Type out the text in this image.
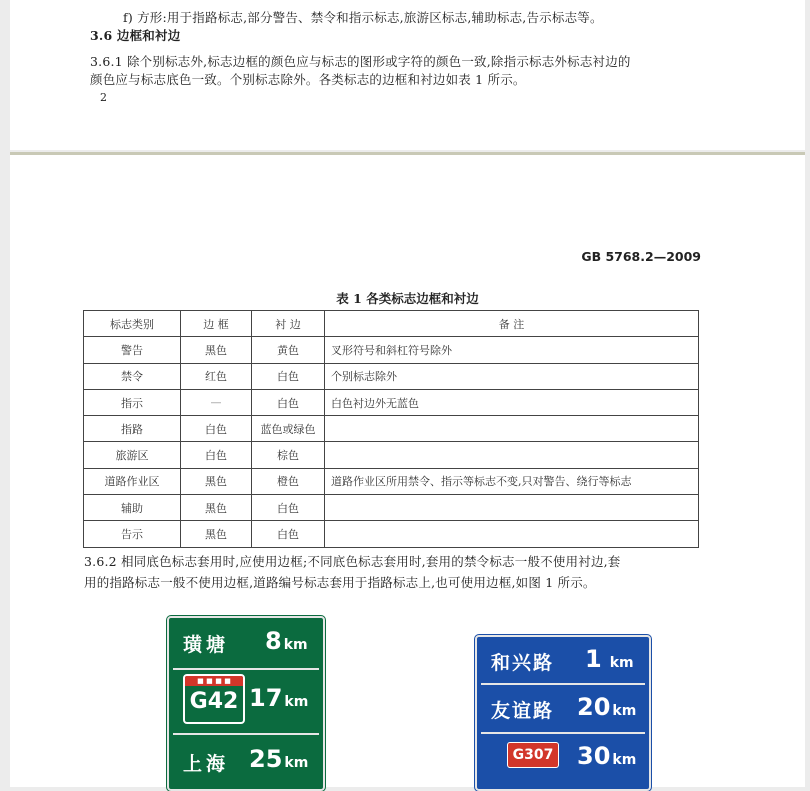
f) 方形:用于指路标志,部分警告、禁令和指示标志,旅游区标志,辅助标志,告示标志等。
3.6 边框和衬边
3.6.1 除个别标志外,标志边框的颜色应与标志的图形或字符的颜色一致,除指示标志外标志衬边的
颜色应与标志底色一致。个别标志除外。各类标志的边框和衬边如表 1 所示。
2
GB 5768.2—2009
表 1 各类标志边框和衬边
标志类别	边 框	衬 边	备 注
警告	黑色	黄色	叉形符号和斜杠符号除外
禁令	红色	白色	个别标志除外
指示	—	白色	白色衬边外无蓝色
指路	白色	蓝色或绿色	
旅游区	白色	棕色	
道路作业区	黑色	橙色	道路作业区所用禁令、指示等标志不变,只对警告、绕行等标志
辅助	黑色	白色	
告示	黑色	白色	
3.6.2 相同底色标志套用时,应使用边框;不同底色标志套用时,套用的禁令标志一般不使用衬边,套
用的指路标志一般不使用边框,道路编号标志套用于指路标志上,也可使用边框,如图 1 所示。
璜塘 8 km
■ ■ ■ ■
G42 17 km
上海 25 km
和兴路 1 km
友谊路 20 km
G307 30 km
